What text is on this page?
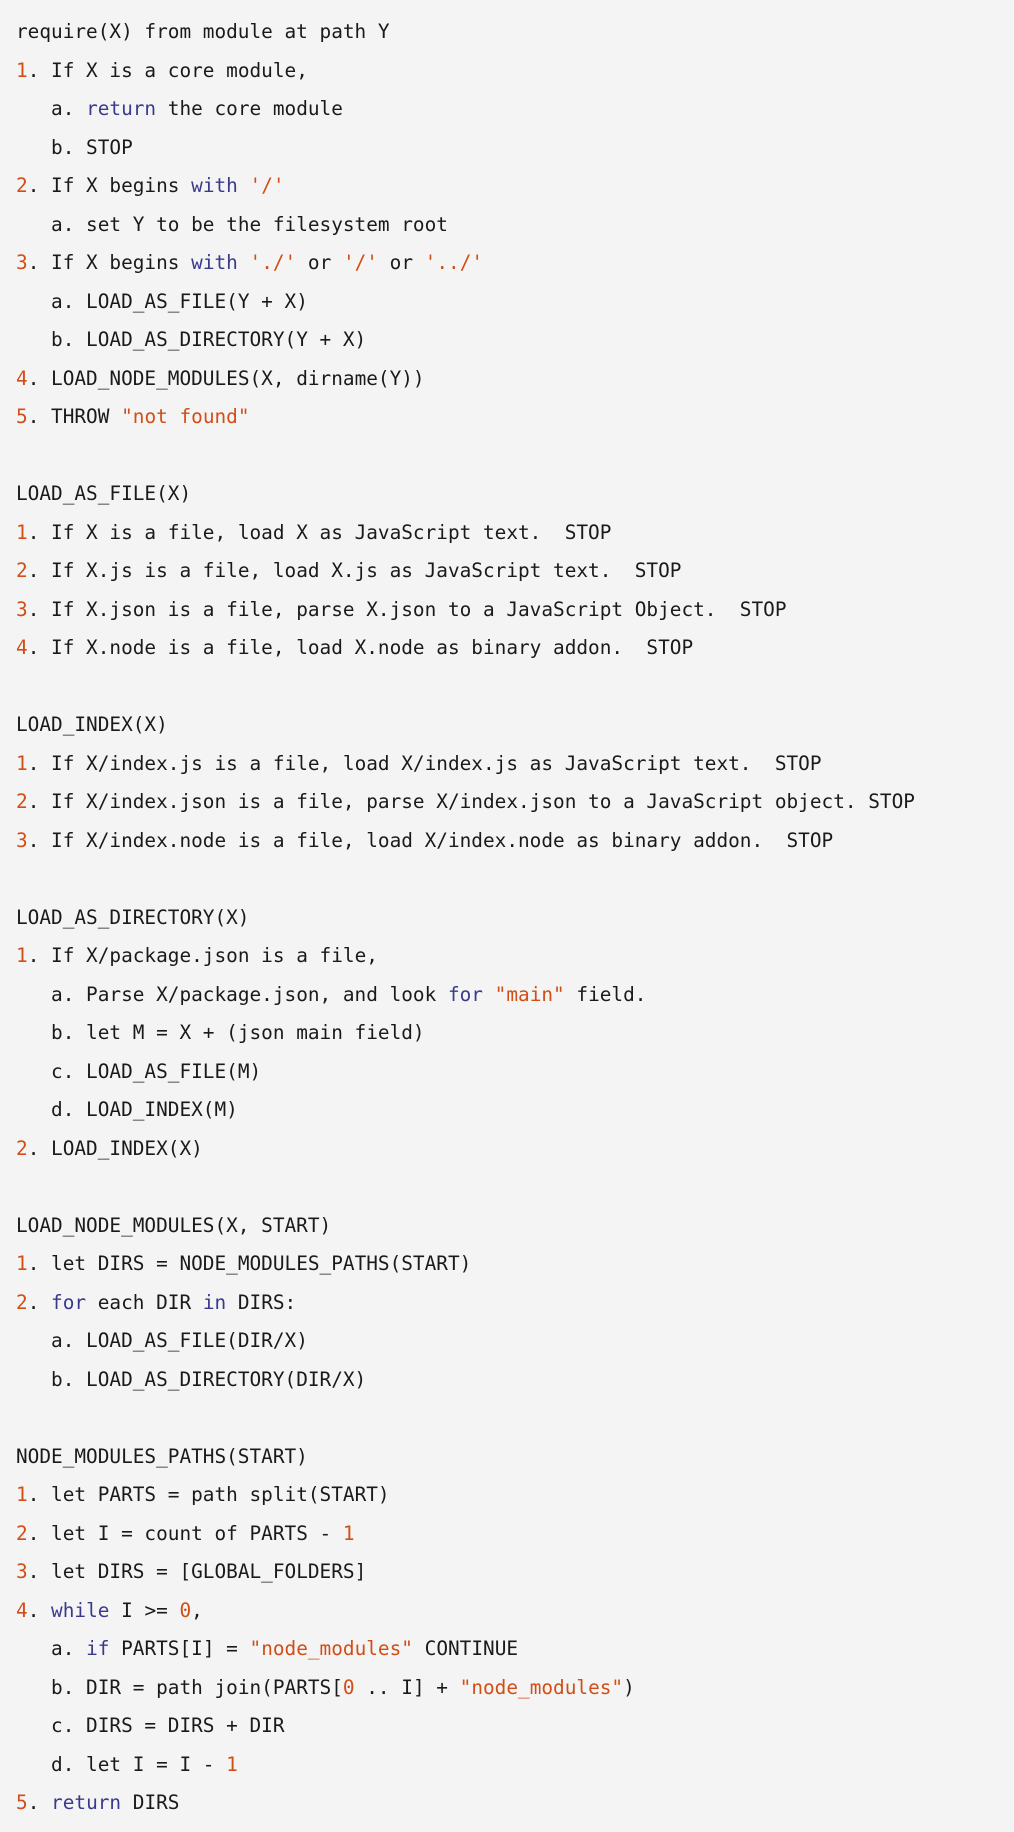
require(X) from module at path Y
1. If X is a core module,
a. return the core module
b. STOP
2. If X begins with '/'
a. set Y to be the filesystem root
3. If X begins with './' or '/' or '../'
a. LOAD_AS_FILE(Y + X)
b. LOAD_AS_DIRECTORY(Y + X)
4. LOAD_NODE_MODULES(X, dirname(Y))
5. THROW "not found"
LOAD_AS_FILE(X)
1. If X is a file, load X as JavaScript text.  STOP
2. If X.js is a file, load X.js as JavaScript text.  STOP
3. If X.json is a file, parse X.json to a JavaScript Object.  STOP
4. If X.node is a file, load X.node as binary addon.  STOP
LOAD_INDEX(X)
1. If X/index.js is a file, load X/index.js as JavaScript text.  STOP
2. If X/index.json is a file, parse X/index.json to a JavaScript object. STOP
3. If X/index.node is a file, load X/index.node as binary addon.  STOP
LOAD_AS_DIRECTORY(X)
1. If X/package.json is a file,
a. Parse X/package.json, and look for "main" field.
b. let M = X + (json main field)
c. LOAD_AS_FILE(M)
d. LOAD_INDEX(M)
2. LOAD_INDEX(X)
LOAD_NODE_MODULES(X, START)
1. let DIRS = NODE_MODULES_PATHS(START)
2. for each DIR in DIRS:
a. LOAD_AS_FILE(DIR/X)
b. LOAD_AS_DIRECTORY(DIR/X)
NODE_MODULES_PATHS(START)
1. let PARTS = path split(START)
2. let I = count of PARTS - 1
3. let DIRS = [GLOBAL_FOLDERS]
4. while I >= 0,
a. if PARTS[I] = "node_modules" CONTINUE
b. DIR = path join(PARTS[0 .. I] + "node_modules")
c. DIRS = DIRS + DIR
d. let I = I - 1
5. return DIRS
